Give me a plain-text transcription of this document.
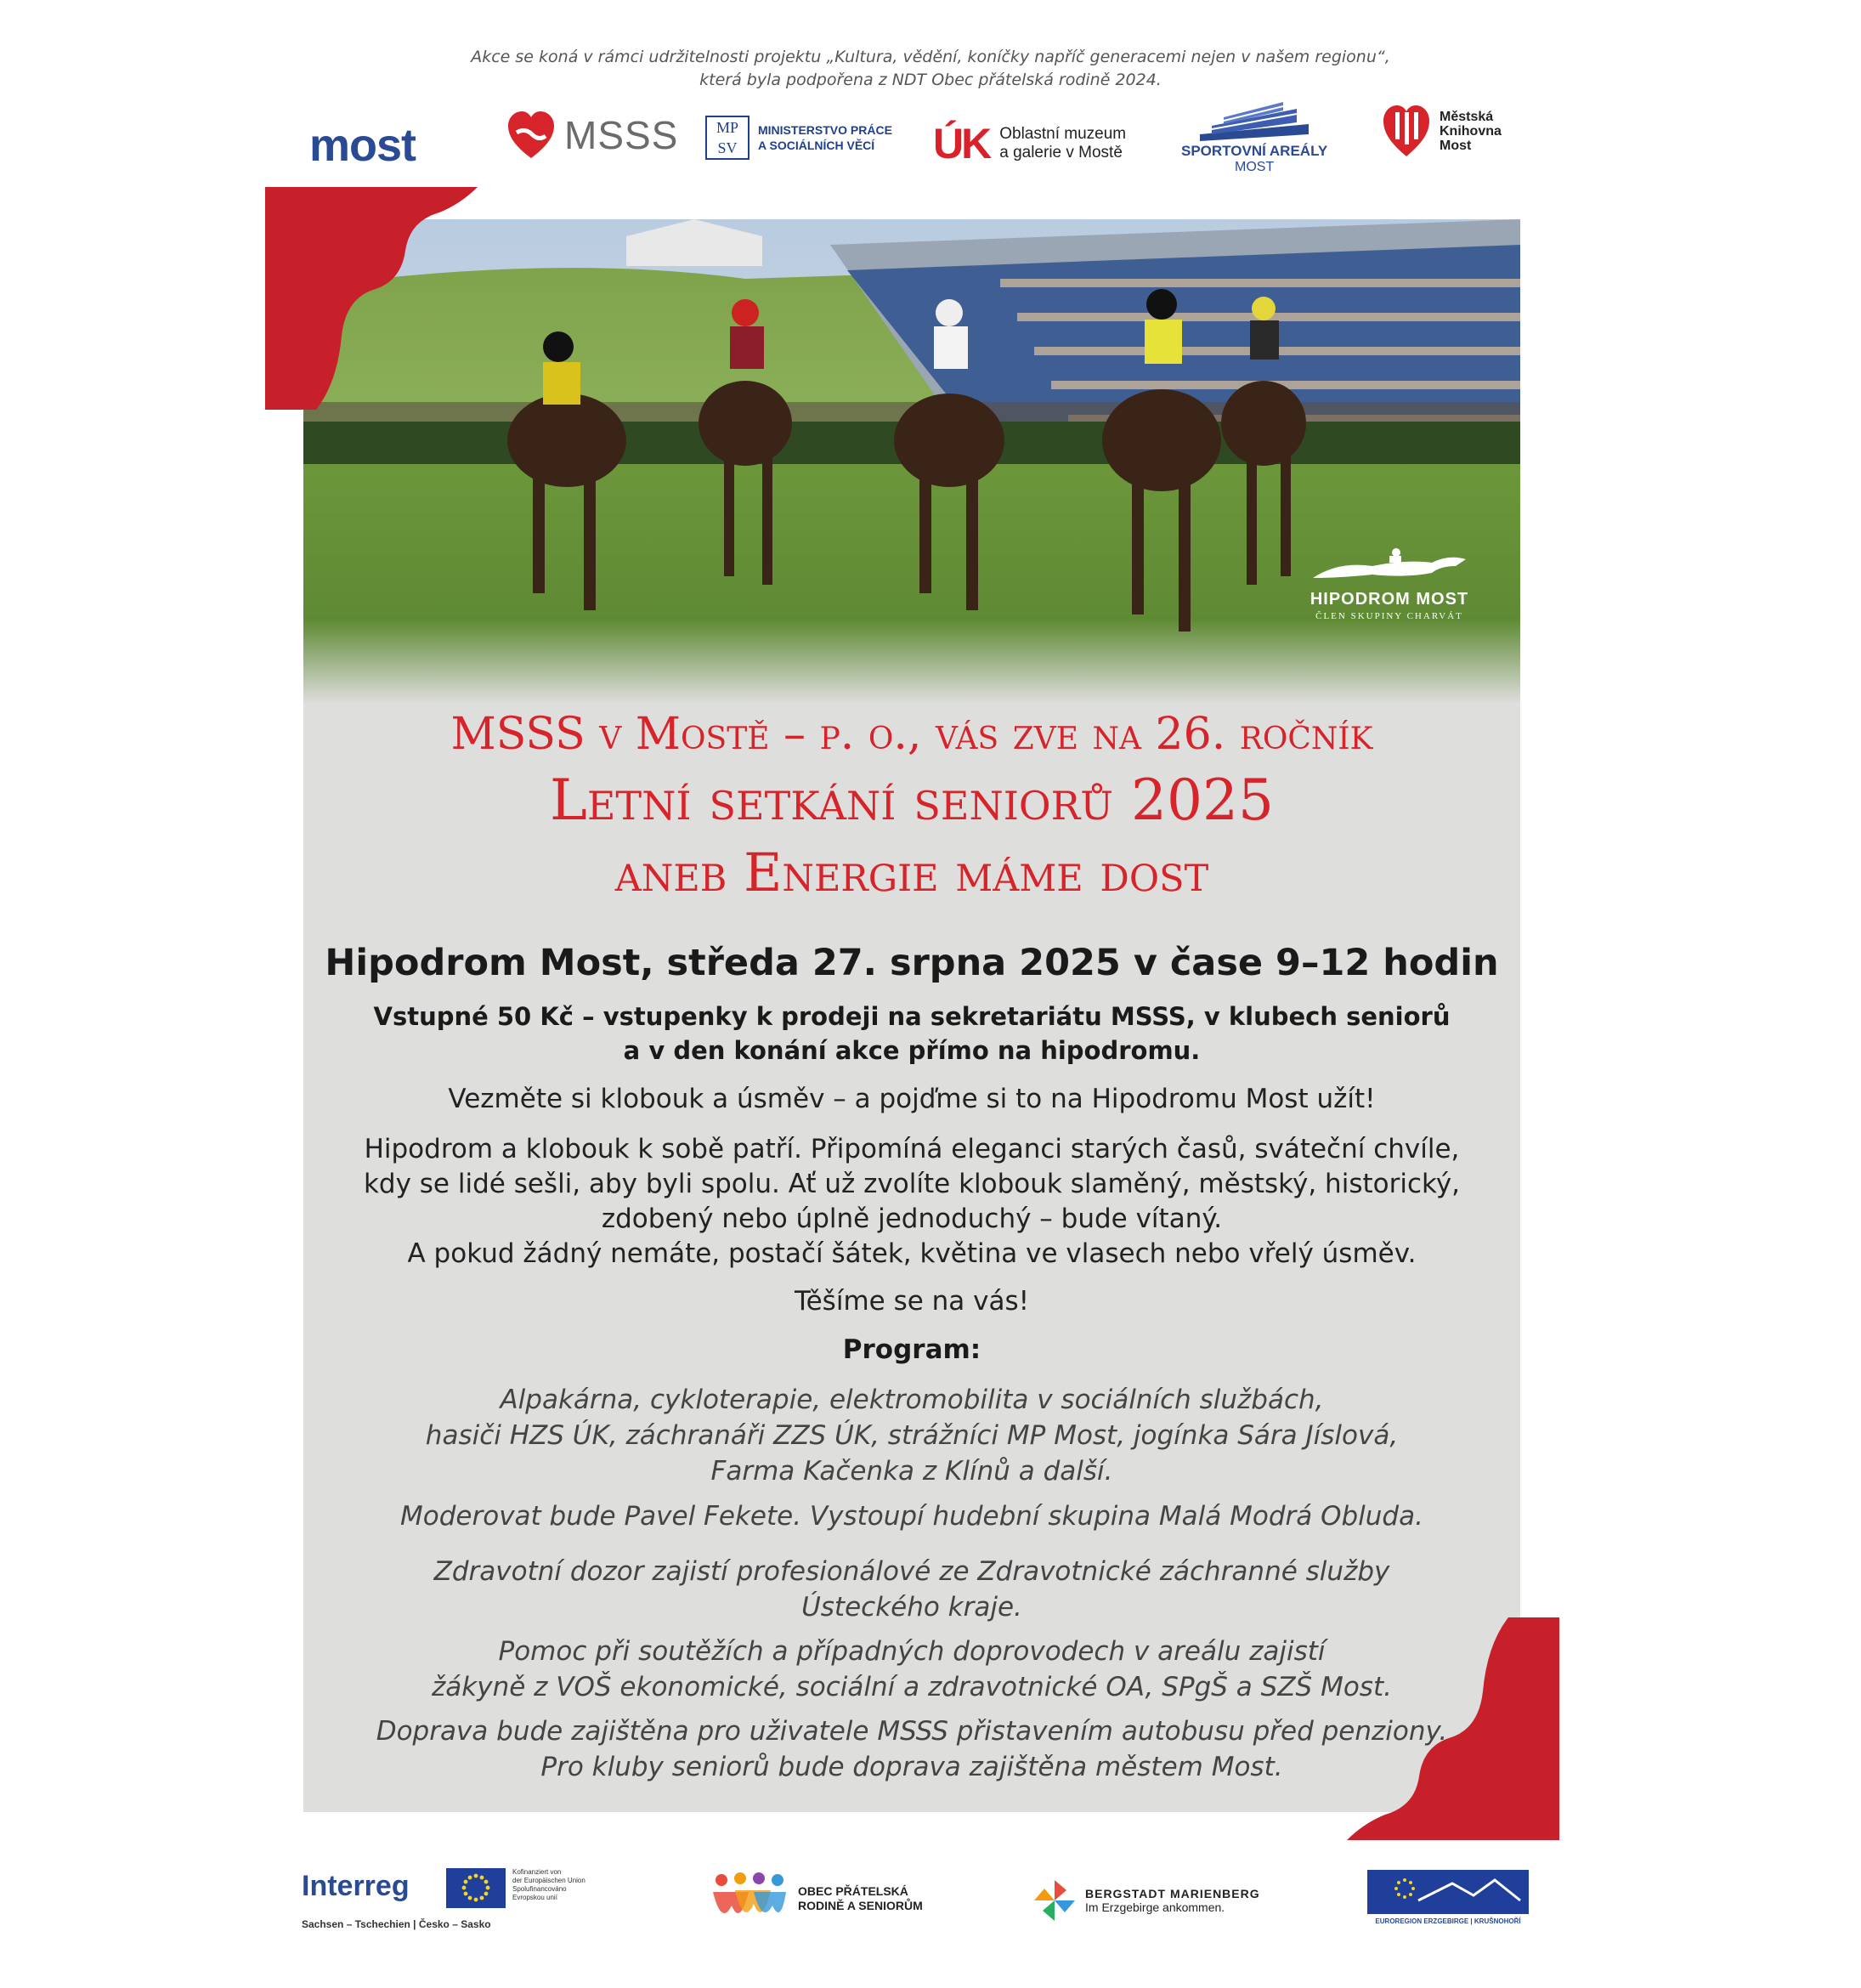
Akce se koná v rámci udržitelnosti projektu „Kultura, vědění, koníčky napříč generacemi nejen v našem regionu“,
která byla podpořena z NDT Obec přátelská rodině 2024.
most	MSSS	MP
SV
MINISTERSTVO PRÁCE
A SOCIÁLNÍCH VĚCÍ	ÚK Oblastní muzeum
a galerie v Mostě	SPORTOVNÍ AREÁLY
MOST
Městská
Knihovna
Most
HIPODROM MOST
ČLEN SKUPINY CHARVÁT
MSSS v Mostě – p. o., vás zve na 26. ročník
Letní setkání seniorů 2025
aneb Energie máme dost
Hipodrom Most, středa 27. srpna 2025 v čase 9–12 hodin
Vstupné 50 Kč – vstupenky k prodeji na sekretariátu MSSS, v klubech seniorů
a v den konání akce přímo na hipodromu.
Vezměte si klobouk a úsměv – a pojďme si to na Hipodromu Most užít!
Hipodrom a klobouk k sobě patří. Připomíná eleganci starých časů, sváteční chvíle,
kdy se lidé sešli, aby byli spolu. Ať už zvolíte klobouk slaměný, městský, historický,
zdobený nebo úplně jednoduchý – bude vítaný.
A pokud žádný nemáte, postačí šátek, květina ve vlasech nebo vřelý úsměv.
Těšíme se na vás!
Program:
Alpakárna, cykloterapie, elektromobilita v sociálních službách,
hasiči HZS ÚK, záchranáři ZZS ÚK, strážníci MP Most, jogínka Sára Jíslová,
Farma Kačenka z Klínů a další.
Moderovat bude Pavel Fekete. Vystoupí hudební skupina Malá Modrá Obluda.
Zdravotní dozor zajistí profesionálové ze Zdravotnické záchranné služby
Ústeckého kraje.
Pomoc při soutěžích a případných doprovodech v areálu zajistí
žákyně z VOŠ ekonomické, sociální a zdravotnické OA, SPgŠ a SZŠ Most.
Doprava bude zajištěna pro uživatele MSSS přistavením autobusu před penziony.
Pro kluby seniorů bude doprava zajištěna městem Most.
Interreg
Sachsen – Tschechien | Česko – Sasko
Kofinanziert von
der Europäischen Union
Spolufinancováno
Evropskou unií	OBEC PŘÁTELSKÁ
RODINĚ A SENIORŮM
BERGSTADT MARIENBERG
Im Erzgebirge ankommen.
EUROREGION ERZGEBIRGE | KRUŠNOHOŘÍ
